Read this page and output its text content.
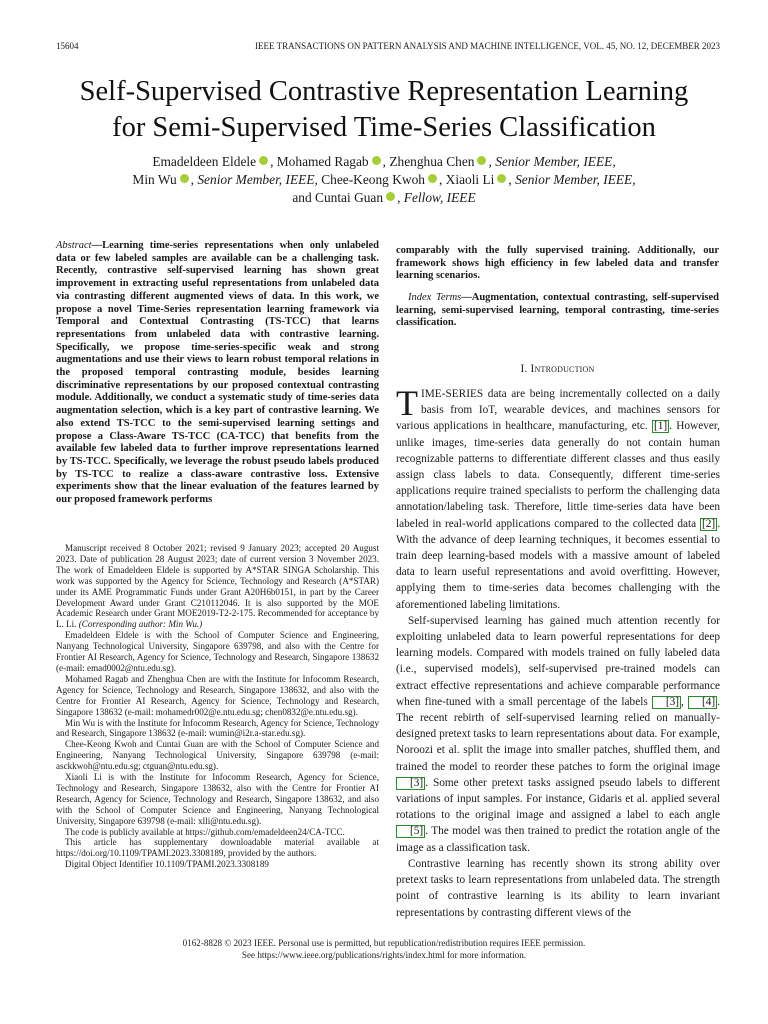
15604	IEEE TRANSACTIONS ON PATTERN ANALYSIS AND MACHINE INTELLIGENCE, VOL. 45, NO. 12, DECEMBER 2023
Self-Supervised Contrastive Representation Learning
for Semi-Supervised Time-Series Classification
Emadeldeen Eldele , Mohamed Ragab , Zhenghua Chen , Senior Member, IEEE,
Min Wu , Senior Member, IEEE, Chee-Keong Kwoh , Xiaoli Li , Senior Member, IEEE,
and Cuntai Guan , Fellow, IEEE

Abstract—Learning time-series representations when only unlabeled data or few labeled samples are available can be a challenging task. Recently, contrastive self-supervised learning has shown great improvement in extracting useful representations from unlabeled data via contrasting different augmented views of data. In this work, we propose a novel Time-Series representation learning framework via Temporal and Contextual Contrasting (TS-TCC) that learns representations from unlabeled data with contrastive learning. Specifically, we propose time-series-specific weak and strong augmentations and use their views to learn robust temporal relations in the proposed temporal contrasting module, besides learning discriminative representations by our proposed contextual contrasting module. Additionally, we conduct a systematic study of time-series data augmentation selection, which is a key part of contrastive learning. We also extend TS-TCC to the semi-supervised learning settings and propose a Class-Aware TS-TCC (CA-TCC) that benefits from the available few labeled data to further improve representations learned by TS-TCC. Specifically, we leverage the robust pseudo labels produced by TS-TCC to realize a class-aware contrastive loss. Extensive experiments show that the linear evaluation of the features learned by our proposed framework performs

Manuscript received 8 October 2021; revised 9 January 2023; accepted 20 August 2023. Date of publication 28 August 2023; date of current version 3 November 2023. The work of Emadeldeen Eldele is supported by A*STAR SINGA Scholarship. This work was supported by the Agency for Science, Technology and Research (A*STAR) under its AME Programmatic Funds under Grant A20H6b0151, in part by the Career Development Award under Grant C210112046. It is also supported by the MOE Academic Research under Grant MOE2019-T2-2-175. Recommended for acceptance by L. Li. (Corresponding author: Min Wu.)

Emadeldeen Eldele is with the School of Computer Science and Engineering, Nanyang Technological University, Singapore 639798, and also with the Centre for Frontier AI Research, Agency for Science, Technology and Research, Singapore 138632 (e-mail: emad0002@ntu.edu.sg).

Mohamed Ragab and Zhenghua Chen are with the Institute for Infocomm Research, Agency for Science, Technology and Research, Singapore 138632, and also with the Centre for Frontier AI Research, Agency for Science, Technology and Research, Singapore 138632 (e-mail: mohamedr002@e.ntu.edu.sg; chen0832@e.ntu.edu.sg).

Min Wu is with the Institute for Infocomm Research, Agency for Science, Technology and Research, Singapore 138632 (e-mail: wumin@i2r.a-star.edu.sg).

Chee-Keong Kwoh and Cuntai Guan are with the School of Computer Science and Engineering, Nanyang Technological University, Singapore 639798 (e-mail: asckkwoh@ntu.edu.sg; ctguan@ntu.edu.sg).

Xiaoli Li is with the Institute for Infocomm Research, Agency for Science, Technology and Research, Singapore 138632, also with the Centre for Frontier AI Research, Agency for Science, Technology and Research, Singapore 138632, and also with the School of Computer Science and Engineering, Nanyang Technological University, Singapore 639798 (e-mail: xlli@ntu.edu.sg).

The code is publicly available at https://github.com/emadeldeen24/CA-TCC.

This article has supplementary downloadable material available at https://doi.org/10.1109/TPAMI.2023.3308189, provided by the authors.

Digital Object Identifier 10.1109/TPAMI.2023.3308189

comparably with the fully supervised training. Additionally, our framework shows high efficiency in few labeled data and transfer learning scenarios.

Index Terms—Augmentation, contextual contrasting, self-supervised learning, semi-supervised learning, temporal contrasting, time-series classification.
I. Introduction

TIME-SERIES data are being incrementally collected on a daily basis from IoT, wearable devices, and machines sensors for various applications in healthcare, manufacturing, etc. [1] . However, unlike images, time-series data generally do not contain human recognizable patterns to differentiate different classes and thus easily assign class labels to data. Consequently, different time-series applications require trained specialists to perform the challenging data annotation/labeling task. Therefore, little time-series data have been labeled in real-world applications compared to the collected data [2] . With the advance of deep learning techniques, it becomes essential to train deep learning-based models with a massive amount of labeled data to learn useful representations and avoid overfitting. However, applying them to time-series data becomes challenging with the aforementioned labeling limitations.

Self-supervised learning has gained much attention recently for exploiting unlabeled data to learn powerful representations for deep learning models. Compared with models trained on fully labeled data (i.e., supervised models), self-supervised pre-trained models can extract effective representations and achieve comparable performance when fine-tuned with a small percentage of the labels [3] , [4] . The recent rebirth of self-supervised learning relied on manually-designed pretext tasks to learn representations about data. For example, Noroozi et al. split the image into smaller patches, shuffled them, and trained the model to reorder these patches to form the original image [3] . Some other pretext tasks assigned pseudo labels to different variations of input samples. For instance, Gidaris et al. applied several rotations to the original image and assigned a label to each angle [5] . The model was then trained to predict the rotation angle of the image as a classification task.

Contrastive learning has recently shown its strong ability over pretext tasks to learn representations from unlabeled data. The strength point of contrastive learning is its ability to learn invariant representations by contrasting different views of the

0162-8828 © 2023 IEEE. Personal use is permitted, but republication/redistribution requires IEEE permission.
See https://www.ieee.org/publications/rights/index.html for more information.
